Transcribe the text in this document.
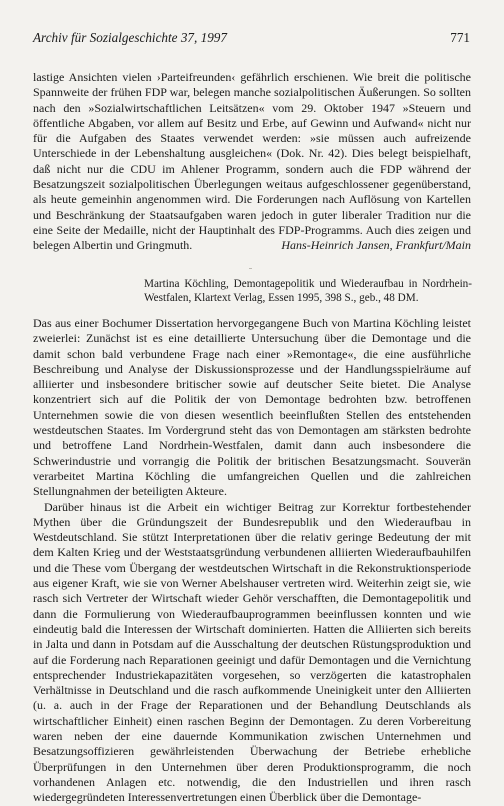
Archiv für Sozialgeschichte 37, 1997	771

lastige Ansichten vielen ›Parteifreunden‹ gefährlich erschienen. Wie breit die politische Spannweite der frühen FDP war, belegen manche sozialpolitischen Äußerungen. So sollten nach den »Sozialwirtschaftlichen Leitsätzen« vom 29. Oktober 1947 »Steuern und öffentliche Abgaben, vor allem auf Besitz und Erbe, auf Gewinn und Aufwand« nicht nur für die Aufgaben des Staates verwendet werden: »sie müssen auch aufreizende Unterschiede in der Lebenshaltung ausgleichen« (Dok. Nr. 42). Dies belegt beispielhaft, daß nicht nur die CDU im Ahlener Programm, sondern auch die FDP während der Besatzungszeit sozialpolitischen Überlegungen weitaus aufgeschlossener gegenüberstand, als heute gemeinhin angenommen wird. Die Forderungen nach Auflösung von Kartellen und Beschränkung der Staatsaufgaben waren jedoch in guter liberaler Tradition nur die eine Seite der Medaille, nicht der Hauptinhalt des FDP-Programms. Auch dies zeigen und belegen Albertin und Gringmuth.	Hans-Heinrich Jansen, Frankfurt/Main

Martina Köchling, Demontagepolitik und Wiederaufbau in Nordrhein-Westfalen, Klartext Verlag, Essen 1995, 398 S., geb., 48 DM.

Das aus einer Bochumer Dissertation hervorgegangene Buch von Martina Köchling leistet zweierlei: Zunächst ist es eine detaillierte Untersuchung über die Demontage und die damit schon bald verbundene Frage nach einer »Remontage«, die eine ausführliche Beschreibung und Analyse der Diskussionsprozesse und der Handlungsspielräume auf alliierter und insbesondere britischer sowie auf deutscher Seite bietet. Die Analyse konzentriert sich auf die Politik der von Demontage bedrohten bzw. betroffenen Unternehmen sowie die von diesen wesentlich beeinflußten Stellen des entstehenden westdeutschen Staates. Im Vordergrund steht das von Demontagen am stärksten bedrohte und betroffene Land Nordrhein-Westfalen, damit dann auch insbesondere die Schwerindustrie und vorrangig die Politik der britischen Besatzungsmacht. Souverän verarbeitet Martina Köchling die umfangreichen Quellen und die zahlreichen Stellungnahmen der beteiligten Akteure.

Darüber hinaus ist die Arbeit ein wichtiger Beitrag zur Korrektur fortbestehender Mythen über die Gründungszeit der Bundesrepublik und den Wiederaufbau in Westdeutschland. Sie stützt Interpretationen über die relativ geringe Bedeutung der mit dem Kalten Krieg und der Weststaatsgründung verbundenen alliierten Wiederaufbauhilfen und die These vom Übergang der westdeutschen Wirtschaft in die Rekonstruktionsperiode aus eigener Kraft, wie sie von Werner Abelshauser vertreten wird. Weiterhin zeigt sie, wie rasch sich Vertreter der Wirtschaft wieder Gehör verschafften, die Demontagepolitik und dann die Formulierung von Wiederaufbauprogrammen beeinflussen konnten und wie eindeutig bald die Interessen der Wirtschaft dominierten. Hatten die Alliierten sich bereits in Jalta und dann in Potsdam auf die Ausschaltung der deutschen Rüstungsproduktion und auf die Forderung nach Reparationen geeinigt und dafür Demontagen und die Vernichtung entsprechender Industriekapazitäten vorgesehen, so verzögerten die katastrophalen Verhältnisse in Deutschland und die rasch aufkommende Uneinigkeit unter den Alliierten (u. a. auch in der Frage der Reparationen und der Behandlung Deutschlands als wirtschaftlicher Einheit) einen raschen Beginn der Demontagen. Zu deren Vorbereitung waren neben der eine dauernde Kommunikation zwischen Unternehmen und Besatzungsoffizieren gewährleistenden Überwachung der Betriebe erhebliche Überprüfungen in den Unternehmen über deren Produktionsprogramm, die noch vorhandenen Anlagen etc. notwendig, die den Industriellen und ihren rasch wiedergegründeten Interessenvertretungen einen Überblick über die Demontage-
